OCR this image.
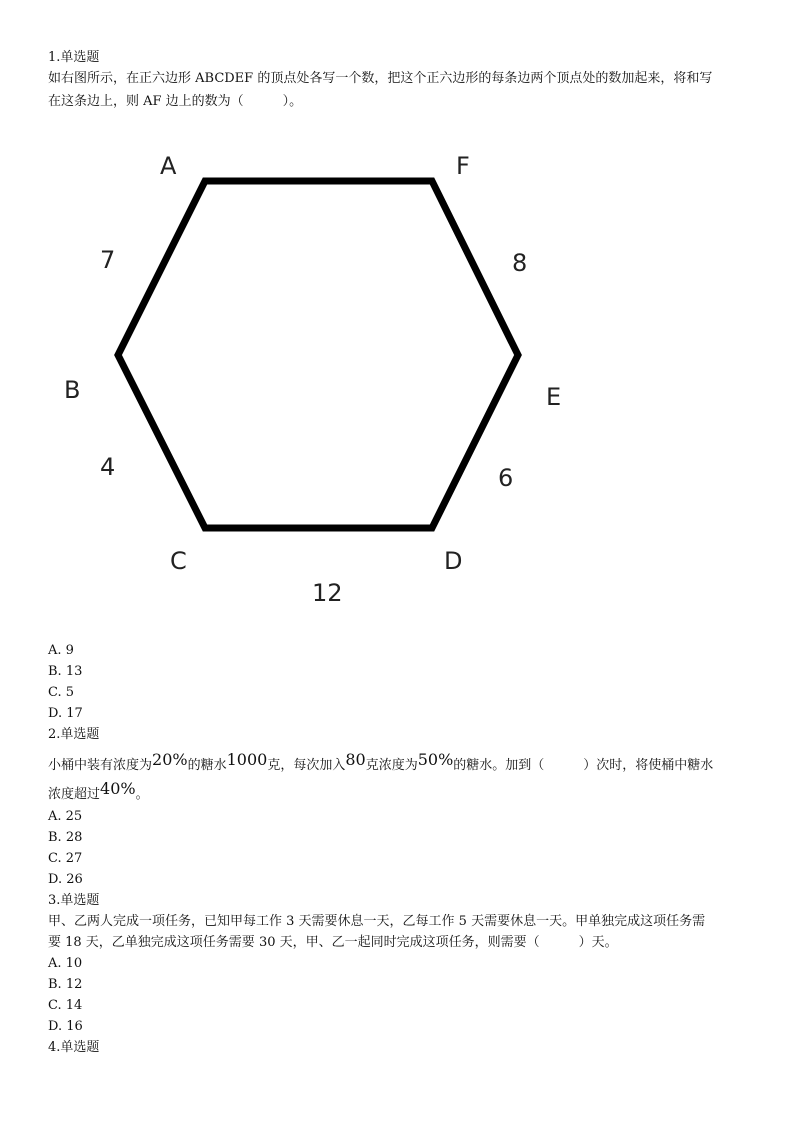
1.单选题
如右图所示，在正六边形 ABCDEF 的顶点处各写一个数，把这个正六边形的每条边两个顶点处的数加起来，将和写
在这条边上，则 AF 边上的数为（　　　）。
A	F
B	E
C	D
7	8
4	6
12
A. 9
B. 13
C. 5
D. 17
2.单选题
小桶中装有浓度为20%的糖水1000克，每次加入80克浓度为50%的糖水。加到（　　　）次时，将使桶中糖水
浓度超过40%。
A. 25
B. 28
C. 27
D. 26
3.单选题
甲、乙两人完成一项任务，已知甲每工作 3 天需要休息一天，乙每工作 5 天需要休息一天。甲单独完成这项任务需
要 18 天，乙单独完成这项任务需要 30 天，甲、乙一起同时完成这项任务，则需要（　　　）天。
A. 10
B. 12
C. 14
D. 16
4.单选题
